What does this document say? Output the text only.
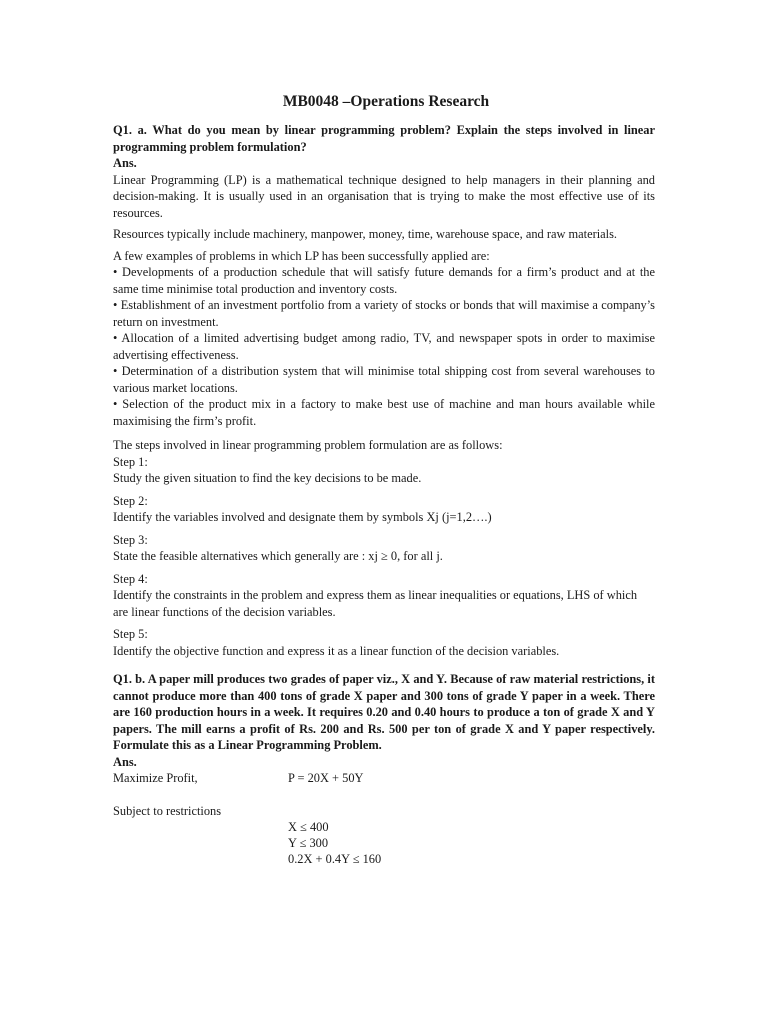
MB0048 –Operations Research

Q1. a. What do you mean by linear programming problem? Explain the steps involved in linear programming problem formulation?

Ans.

Linear Programming (LP) is a mathematical technique designed to help managers in their planning and decision-making. It is usually used in an organisation that is trying to make the most effective use of its resources.

Resources typically include machinery, manpower, money, time, warehouse space, and raw materials.

A few examples of problems in which LP has been successfully applied are:

• Developments of a production schedule that will satisfy future demands for a firm’s product and at the same time minimise total production and inventory costs.

• Establishment of an investment portfolio from a variety of stocks or bonds that will maximise a company’s return on investment.

• Allocation of a limited advertising budget among radio, TV, and newspaper spots in order to maximise advertising effectiveness.

• Determination of a distribution system that will minimise total shipping cost from several warehouses to various market locations.

• Selection of the product mix in a factory to make best use of machine and man hours available while maximising the firm’s profit.

The steps involved in linear programming problem formulation are as follows:

Step 1:

Study the given situation to find the key decisions to be made.

Step 2:

Identify the variables involved and designate them by symbols Xj (j=1,2….)

Step 3:

State the feasible alternatives which generally are : xj ≥ 0, for all j.

Step 4:

Identify the constraints in the problem and express them as linear inequalities or equations, LHS of which are linear functions of the decision variables.

Step 5:

Identify the objective function and express it as a linear function of the decision variables.

Q1. b. A paper mill produces two grades of paper viz., X and Y. Because of raw material restrictions, it cannot produce more than 400 tons of grade X paper and 300 tons of grade Y paper in a week. There are 160 production hours in a week. It requires 0.20 and 0.40 hours to produce a ton of grade X and Y papers. The mill earns a profit of Rs. 200 and Rs. 500 per ton of grade X and Y paper respectively. Formulate this as a Linear Programming Problem.

Ans.

Maximize Profit,	P = 20X + 50Y

Subject to restrictions

X ≤ 400

Y ≤ 300

0.2X + 0.4Y ≤ 160
